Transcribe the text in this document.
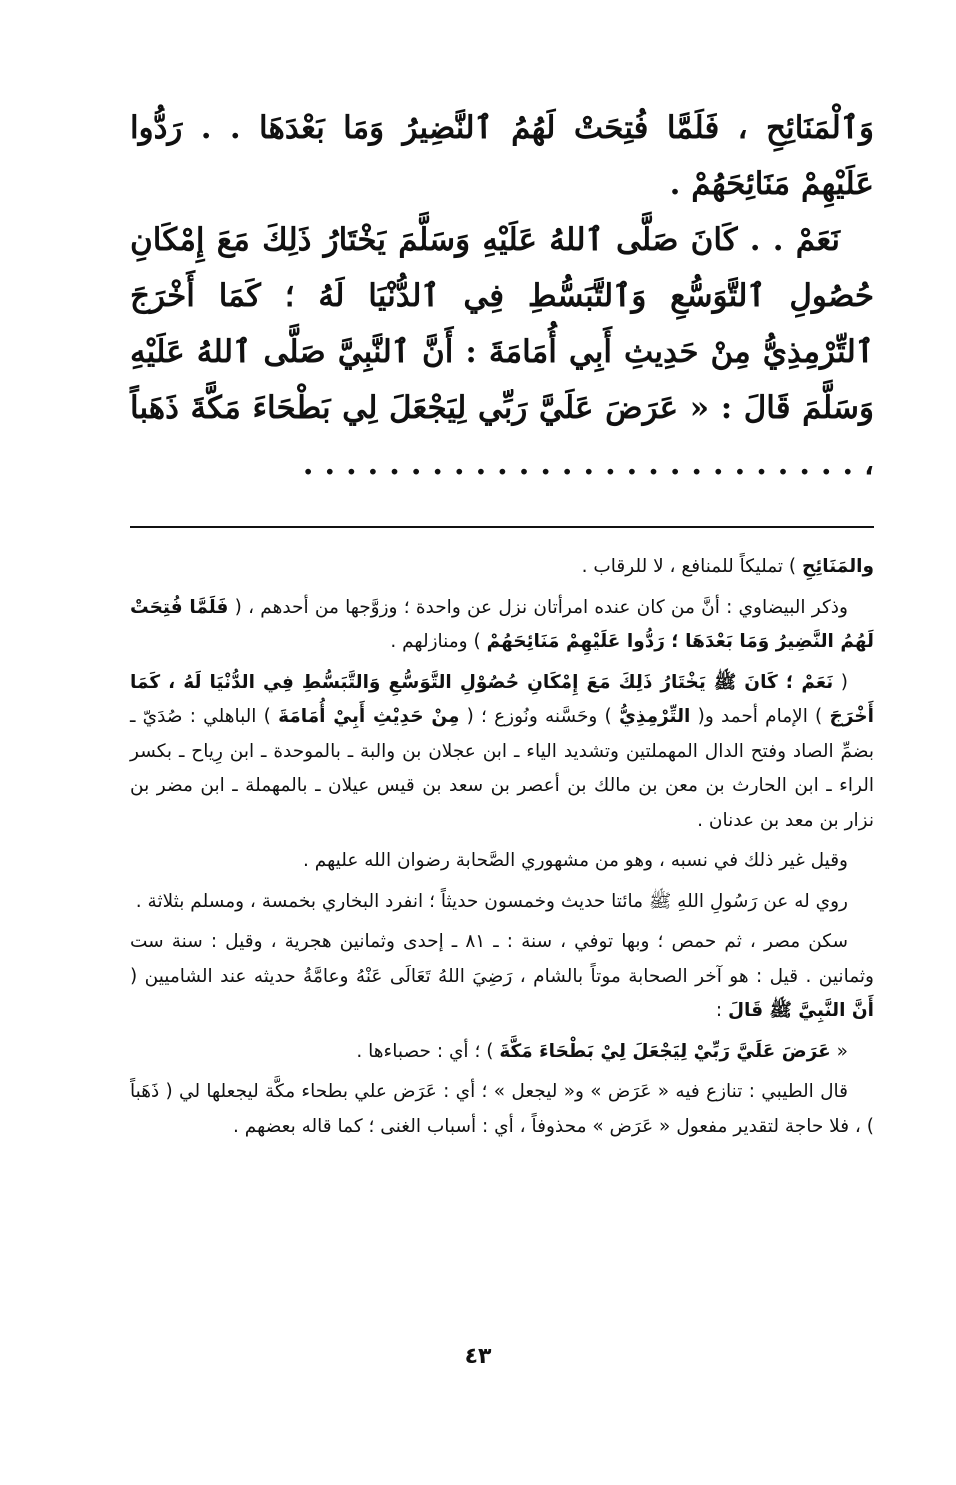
وَٱلْمَنَائِحِ ، فَلَمَّا فُتِحَتْ لَهُمُ ٱلنَّضِيرُ وَمَا بَعْدَهَا . . رَدُّوا عَلَيْهِمْ مَنَائِحَهُمْ .

نَعَمْ . . كَانَ صَلَّى ٱللهُ عَلَيْهِ وَسَلَّمَ يَخْتَارُ ذَلِكَ مَعَ إِمْكَانِ حُصُولِ ٱلتَّوَسُّعِ وَٱلتَّبَسُّطِ فِي ٱلدُّنْيَا لَهُ ؛ كَمَا أَخْرَجَ ٱلتِّرْمِذِيُّ مِنْ حَدِيثِ أَبِي أُمَامَةَ : أَنَّ ٱلنَّبِيَّ صَلَّى ٱللهُ عَلَيْهِ وَسَلَّمَ قَالَ : « عَرَضَ عَلَيَّ رَبِّي لِيَجْعَلَ لِي بَطْحَاءَ مَكَّةَ ذَهَباً ، . . . . . . . . . . . . . . . . . . . . . . . . . .

والمَنَائِحِ ) تمليكاً للمنافع ، لا للرقاب .

وذكر البيضاوي : أنَّ من كان عنده امرأتان نزل عن واحدة ؛ وزوَّجها من أحدهم ، ( فَلَمَّا فُتِحَتْ لَهُمُ النَّضِيرُ وَمَا بَعْدَهَا ؛ رَدُّوا عَلَيْهِمْ مَنَائِحَهُمْ ) ومنازلهم .

( نَعَمْ ؛ كَانَ ﷺ يَخْتَارُ ذَلِكَ مَعَ إِمْكَانِ حُصُوْلِ التَّوَسُّعِ وَالتَّبَسُّطِ فِي الدُّنْيَا لَهُ ، كَمَا أَخْرَجَ ) الإمام أحمد و( التِّرْمِذِيُّ ) وحَسَّنه ونُوزع ؛ ( مِنْ حَدِيْثِ أَبِيْ أُمَامَةَ ) الباهلي : صُدَيّ ـ بضمِّ الصاد وفتح الدال المهملتين وتشديد الياء ـ ابن عجلان بن والبة ـ بالموحدة ـ ابن رِياح ـ بكسر الراء ـ ابن الحارث بن معن بن مالك بن أعصر بن سعد بن قيس عيلان ـ بالمهملة ـ ابن مضر بن نزار بن معد بن عدنان .

وقيل غير ذلك في نسبه ، وهو من مشهوري الصَّحابة رضوان الله عليهم .

روي له عن رَسُولِ اللهِ ﷺ مائتا حديث وخمسون حديثاً ؛ انفرد البخاري بخمسة ، ومسلم بثلاثة .

سكن مصر ، ثم حمص ؛ وبها توفي ، سنة : ـ ٨١ ـ إحدى وثمانين هجرية ، وقيل : سنة ست وثمانين . قيل : هو آخر الصحابة موتاً بالشام ، رَضِيَ اللهُ تَعَالَى عَنْهُ وعامَّةُ حديثه عند الشاميين ( أَنَّ النَّبِيَّ ﷺ قَالَ :

« عَرَضَ عَلَيَّ رَبِّيْ لِيَجْعَلَ لِيْ بَطْحَاءَ مَكَّةَ ) ؛ أي : حصباءها .

قال الطيبي : تنازع فيه « عَرَض » و« ليجعل » ؛ أي : عَرَض علي بطحاء مكَّة ليجعلها لي ( ذَهَباً ) ، فلا حاجة لتقدير مفعول « عَرَض » محذوفاً ، أي : أسباب الغنى ؛ كما قاله بعضهم .

٤٣
